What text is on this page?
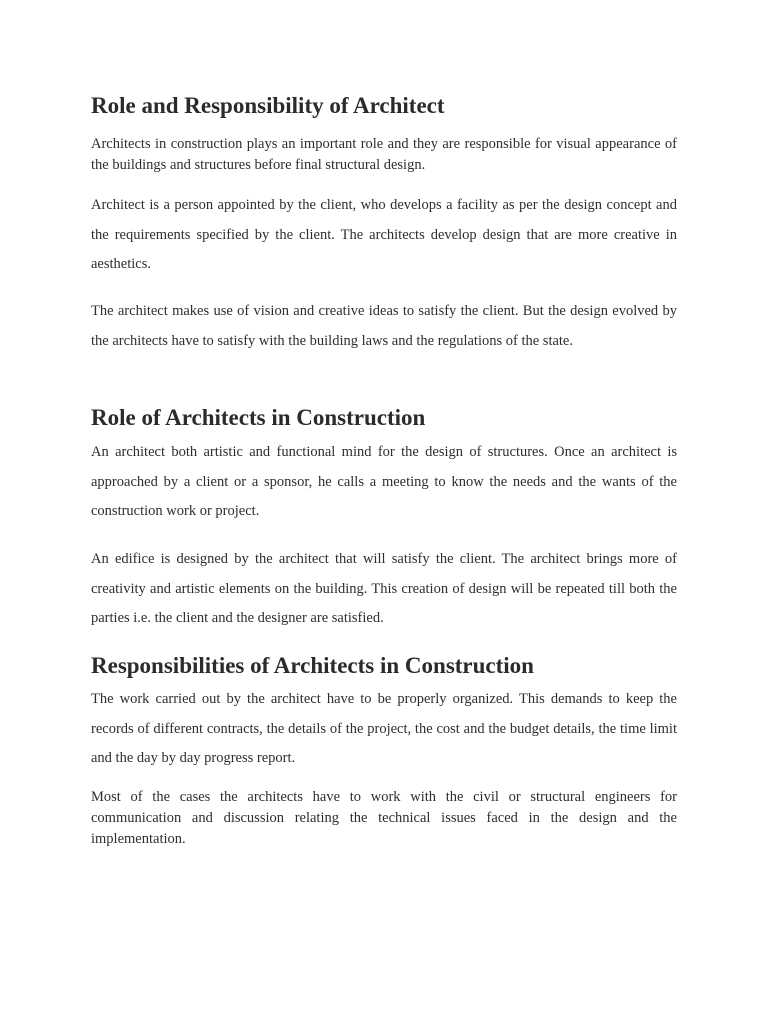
Role and Responsibility of Architect

Architects in construction plays an important role and they are responsible for visual appearance of the buildings and structures before final structural design.

Architect is a person appointed by the client, who develops a facility as per the design concept and the requirements specified by the client. The architects develop design that are more creative in aesthetics.

The architect makes use of vision and creative ideas to satisfy the client. But the design evolved by the architects have to satisfy with the building laws and the regulations of the state.

Role of Architects in Construction

An architect both artistic and functional mind for the design of structures. Once an architect is approached by a client or a sponsor, he calls a meeting to know the needs and the wants of the construction work or project.

An edifice is designed by the architect that will satisfy the client. The architect brings more of creativity and artistic elements on the building. This creation of design will be repeated till both the parties i.e. the client and the designer are satisfied.

Responsibilities of Architects in Construction

The work carried out by the architect have to be properly organized. This demands to keep the records of different contracts, the details of the project, the cost and the budget details, the time limit and the day by day progress report.

Most of the cases the architects have to work with the civil or structural engineers for communication and discussion relating the technical issues faced in the design and the implementation.
